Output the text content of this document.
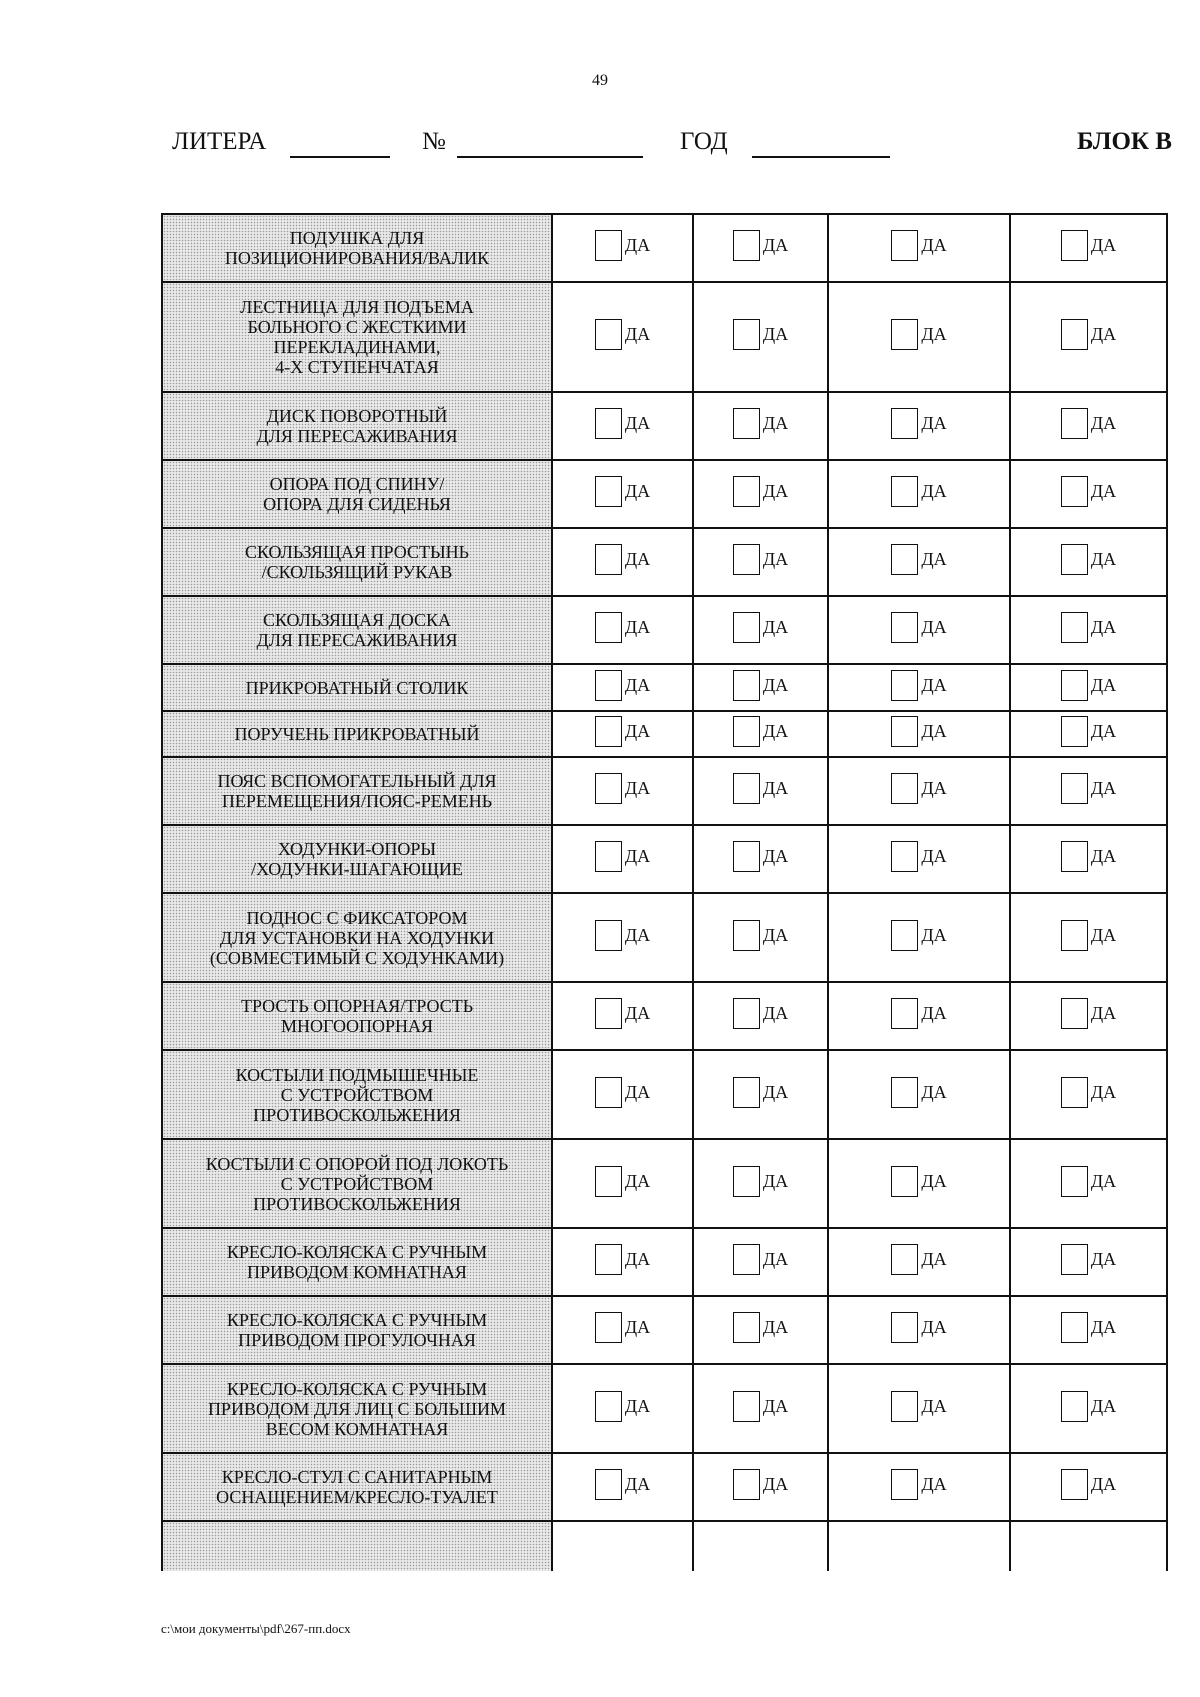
49
ЛИТЕРА	№	ГОД	БЛОК В
ПОДУШКА ДЛЯ
ПОЗИЦИОНИРОВАНИЯ/ВАЛИК	ДА	ДА	ДА	ДА

ЛЕСТНИЦА ДЛЯ ПОДЪЕМА
БОЛЬНОГО С ЖЕСТКИМИ
ПЕРЕКЛАДИНАМИ,
4-Х СТУПЕНЧАТАЯ	ДА	ДА	ДА	ДА

ДИСК ПОВОРОТНЫЙ
ДЛЯ ПЕРЕСАЖИВАНИЯ	ДА	ДА	ДА	ДА

ОПОРА ПОД СПИНУ/
ОПОРА ДЛЯ СИДЕНЬЯ	ДА	ДА	ДА	ДА

СКОЛЬЗЯЩАЯ ПРОСТЫНЬ
/СКОЛЬЗЯЩИЙ РУКАВ	ДА	ДА	ДА	ДА

СКОЛЬЗЯЩАЯ ДОСКА
ДЛЯ ПЕРЕСАЖИВАНИЯ	ДА	ДА	ДА	ДА

ПРИКРОВАТНЫЙ СТОЛИК	ДА	ДА	ДА	ДА

ПОРУЧЕНЬ ПРИКРОВАТНЫЙ	ДА	ДА	ДА	ДА

ПОЯС ВСПОМОГАТЕЛЬНЫЙ ДЛЯ
ПЕРЕМЕЩЕНИЯ/ПОЯС-РЕМЕНЬ	ДА	ДА	ДА	ДА

ХОДУНКИ-ОПОРЫ
/ХОДУНКИ-ШАГАЮЩИЕ	ДА	ДА	ДА	ДА

ПОДНОС С ФИКСАТОРОМ
ДЛЯ УСТАНОВКИ НА ХОДУНКИ
(СОВМЕСТИМЫЙ С ХОДУНКАМИ)	ДА	ДА	ДА	ДА

ТРОСТЬ ОПОРНАЯ/ТРОСТЬ
МНОГООПОРНАЯ	ДА	ДА	ДА	ДА

КОСТЫЛИ ПОДМЫШЕЧНЫЕ
С УСТРОЙСТВОМ
ПРОТИВОСКОЛЬЖЕНИЯ	ДА	ДА	ДА	ДА

КОСТЫЛИ С ОПОРОЙ ПОД ЛОКОТЬ
С УСТРОЙСТВОМ
ПРОТИВОСКОЛЬЖЕНИЯ	ДА	ДА	ДА	ДА

КРЕСЛО-КОЛЯСКА С РУЧНЫМ
ПРИВОДОМ КОМНАТНАЯ	ДА	ДА	ДА	ДА

КРЕСЛО-КОЛЯСКА С РУЧНЫМ
ПРИВОДОМ ПРОГУЛОЧНАЯ	ДА	ДА	ДА	ДА

КРЕСЛО-КОЛЯСКА С РУЧНЫМ
ПРИВОДОМ ДЛЯ ЛИЦ С БОЛЬШИМ
ВЕСОМ КОМНАТНАЯ	ДА	ДА	ДА	ДА

КРЕСЛО-СТУЛ С САНИТАРНЫМ
ОСНАЩЕНИЕМ/КРЕСЛО-ТУАЛЕТ	ДА	ДА	ДА	ДА

c:\мои документы\pdf\267-пп.docx
